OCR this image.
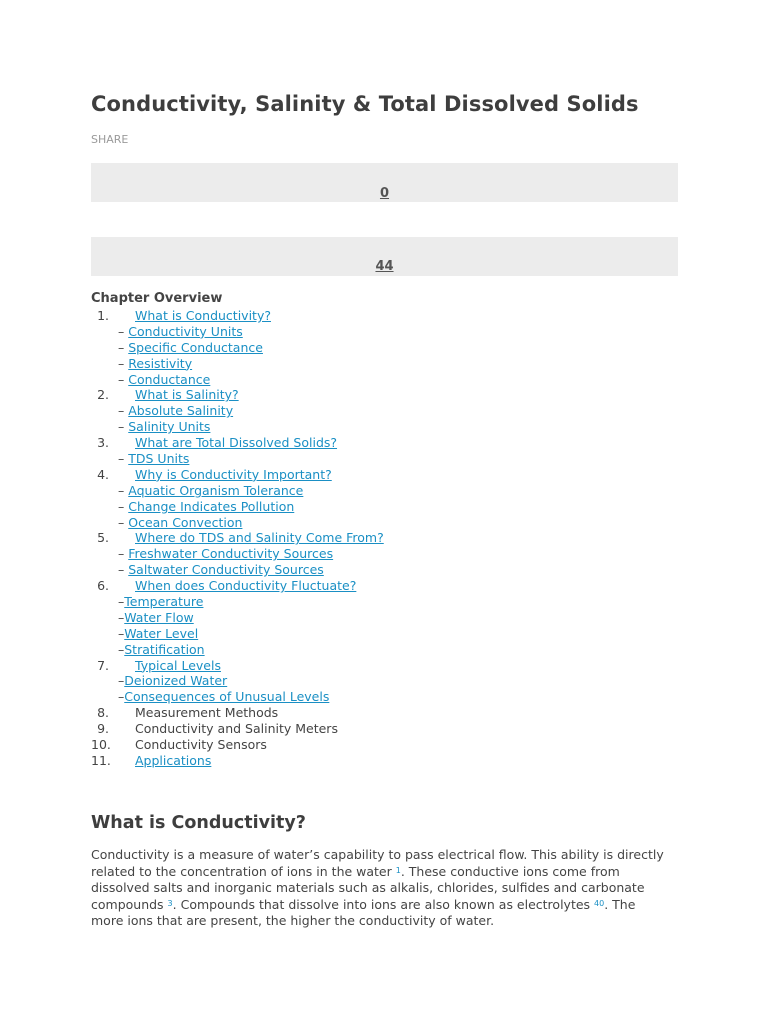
Conductivity, Salinity & Total Dissolved Solids
SHARE
0
44
Chapter Overview
1. What is Conductivity?
– Conductivity Units
– Specific Conductance
– Resistivity
– Conductance
2. What is Salinity?
– Absolute Salinity
– Salinity Units
3. What are Total Dissolved Solids?
– TDS Units
4. Why is Conductivity Important?
– Aquatic Organism Tolerance
– Change Indicates Pollution
– Ocean Convection
5. Where do TDS and Salinity Come From?
– Freshwater Conductivity Sources
– Saltwater Conductivity Sources
6. When does Conductivity Fluctuate?
–Temperature
–Water Flow
–Water Level
–Stratification
7. Typical Levels
–Deionized Water
–Consequences of Unusual Levels
8. Measurement Methods
9. Conductivity and Salinity Meters
10. Conductivity Sensors
11. Applications
What is Conductivity?

Conductivity is a measure of water’s capability to pass electrical flow. This ability is directly related to the concentration of ions in the water $^1$. These conductive ions come from dissolved salts and inorganic materials such as alkalis, chlorides, sulfides and carbonate compounds $^3$. Compounds that dissolve into ions are also known as electrolytes $^{40}$. The more ions that are present, the higher the conductivity of water.
